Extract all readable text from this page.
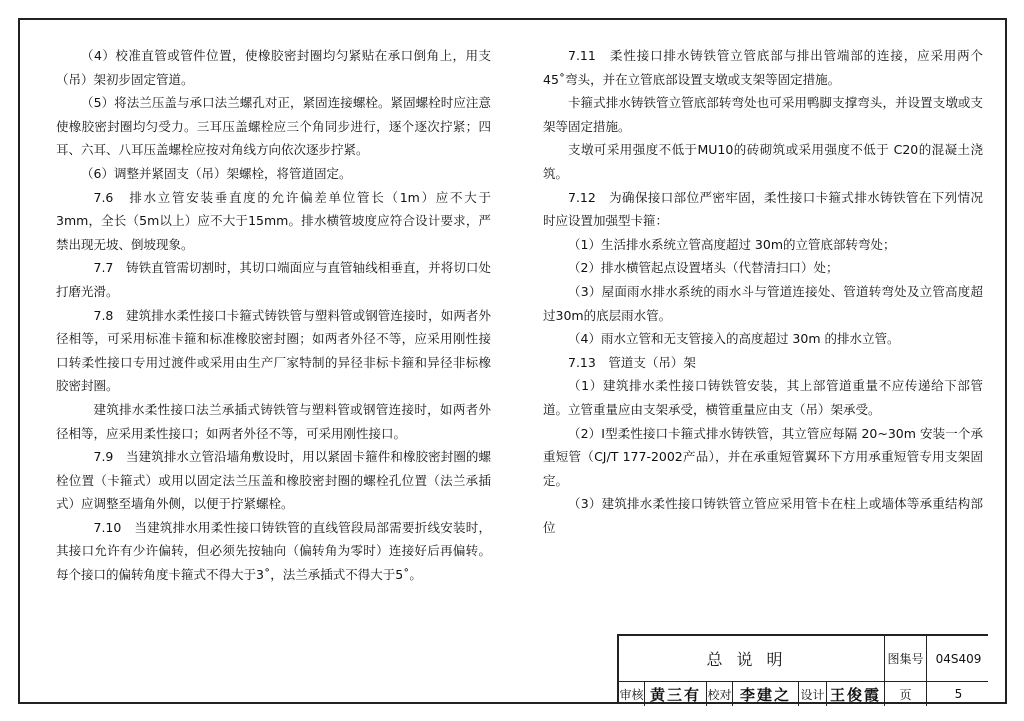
（4）校准直管或管件位置，使橡胶密封圈均匀紧贴在承口倒角上，用支（吊）架初步固定管道。

（5）将法兰压盖与承口法兰螺孔对正，紧固连接螺栓。紧固螺栓时应注意使橡胶密封圈均匀受力。三耳压盖螺栓应三个角同步进行，逐个逐次拧紧；四耳、六耳、八耳压盖螺栓应按对角线方向依次逐步拧紧。

（6）调整并紧固支（吊）架螺栓，将管道固定。

7.6　排水立管安装垂直度的允许偏差单位管长（1m）应不大于 3mm，全长（5m以上）应不大于15mm。排水横管坡度应符合设计要求，严禁出现无坡、倒坡现象。

7.7　铸铁直管需切割时，其切口端面应与直管轴线相垂直，并将切口处打磨光滑。

7.8　建筑排水柔性接口卡箍式铸铁管与塑料管或钢管连接时，如两者外径相等，可采用标准卡箍和标准橡胶密封圈；如两者外径不等，应采用刚性接口转柔性接口专用过渡件或采用由生产厂家特制的异径非标卡箍和异径非标橡胶密封圈。

建筑排水柔性接口法兰承插式铸铁管与塑料管或钢管连接时，如两者外径相等，应采用柔性接口；如两者外径不等，可采用刚性接口。

7.9　当建筑排水立管沿墙角敷设时，用以紧固卡箍件和橡胶密封圈的螺栓位置（卡箍式）或用以固定法兰压盖和橡胶密封圈的螺栓孔位置（法兰承插式）应调整至墙角外侧，以便于拧紧螺栓。

7.10　当建筑排水用柔性接口铸铁管的直线管段局部需要折线安装时，其接口允许有少许偏转，但必须先按轴向（偏转角为零时）连接好后再偏转。每个接口的偏转角度卡箍式不得大于3˚，法兰承插式不得大于5˚。

7.11　柔性接口排水铸铁管立管底部与排出管端部的连接，应采用两个 45˚弯头，并在立管底部设置支墩或支架等固定措施。

卡箍式排水铸铁管立管底部转弯处也可采用鸭脚支撑弯头，并设置支墩或支架等固定措施。

支墩可采用强度不低于MU10的砖砌筑或采用强度不低于 C20的混凝土浇筑。

7.12　为确保接口部位严密牢固，柔性接口卡箍式排水铸铁管在下列情况时应设置加强型卡箍：

（1）生活排水系统立管高度超过 30m的立管底部转弯处；

（2）排水横管起点设置堵头（代替清扫口）处；

（3）屋面雨水排水系统的雨水斗与管道连接处、管道转弯处及立管高度超过30m的底层雨水管。

（4）雨水立管和无支管接入的高度超过 30m 的排水立管。

7.13　管道支（吊）架

（1）建筑排水柔性接口铸铁管安装，其上部管道重量不应传递给下部管道。立管重量应由支架承受，横管重量应由支（吊）架承受。

（2）Ⅰ型柔性接口卡箍式排水铸铁管，其立管应每隔 20~30m 安装一个承重短管（CJ/T 177-2002产品），并在承重短管翼环下方用承重短管专用支架固定。

（3）建筑排水柔性接口铸铁管立管应采用管卡在柱上或墙体等承重结构部位

总说明	图集号 04S409
审核 黄三有 校对 李建之 设计 王俊霞 页	5
